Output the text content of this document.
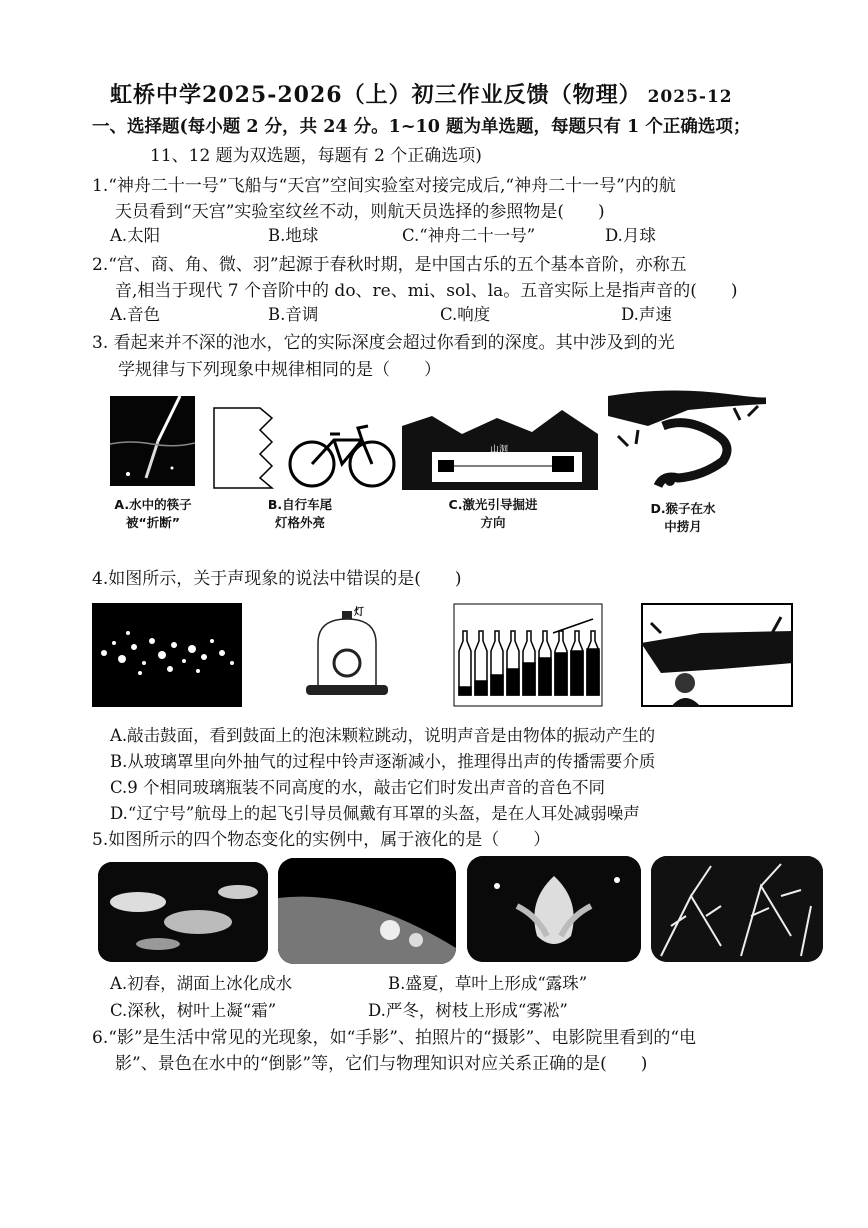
虹桥中学2025-2026（上）初三作业反馈（物理） 2025-12
一、选择题(每小题 2 分，共 24 分。1~10 题为单选题，每题只有 1 个正确选项；
11、12 题为双选题，每题有 2 个正确选项)
1.“神舟二十一号”飞船与“天宫”空间实验室对接完成后,“神舟二十一号”内的航
天员看到“天宫”实验室纹丝不动，则航天员选择的参照物是(　　)
A.太阳	B.地球	C.“神舟二十一号”	D.月球
2.“宫、商、角、微、羽”起源于春秋时期，是中国古乐的五个基本音阶，亦称五
音,相当于现代 7 个音阶中的 do、re、mi、sol、la。五音实际上是指声音的(　　)
A.音色	B.音调	C.响度	D.声速
3. 看起来并不深的池水，它的实际深度会超过你看到的深度。其中涉及到的光
学规律与下列现象中规律相同的是（　　）
A.水中的筷子
被“折断”
B.自行车尾
灯格外亮
山洞
C.激光引导掘进
方向
D.猴子在水
中捞月
4.如图所示，关于声现象的说法中错误的是(　　)
灯
A.敲击鼓面，看到鼓面上的泡沫颗粒跳动，说明声音是由物体的振动产生的
B.从玻璃罩里向外抽气的过程中铃声逐渐减小，推理得出声的传播需要介质
C.9 个相同玻璃瓶装不同高度的水，敲击它们时发出声音的音色不同
D.“辽宁号”航母上的起飞引导员佩戴有耳罩的头盔，是在人耳处减弱噪声
5.如图所示的四个物态变化的实例中，属于液化的是（　　）
A.初春，湖面上冰化成水	B.盛夏，草叶上形成“露珠”
C.深秋，树叶上凝“霜”	D.严冬，树枝上形成“雾凇”
6.“影”是生活中常见的光现象，如“手影”、拍照片的“摄影”、电影院里看到的“电
影”、景色在水中的“倒影”等，它们与物理知识对应关系正确的是(　　)
